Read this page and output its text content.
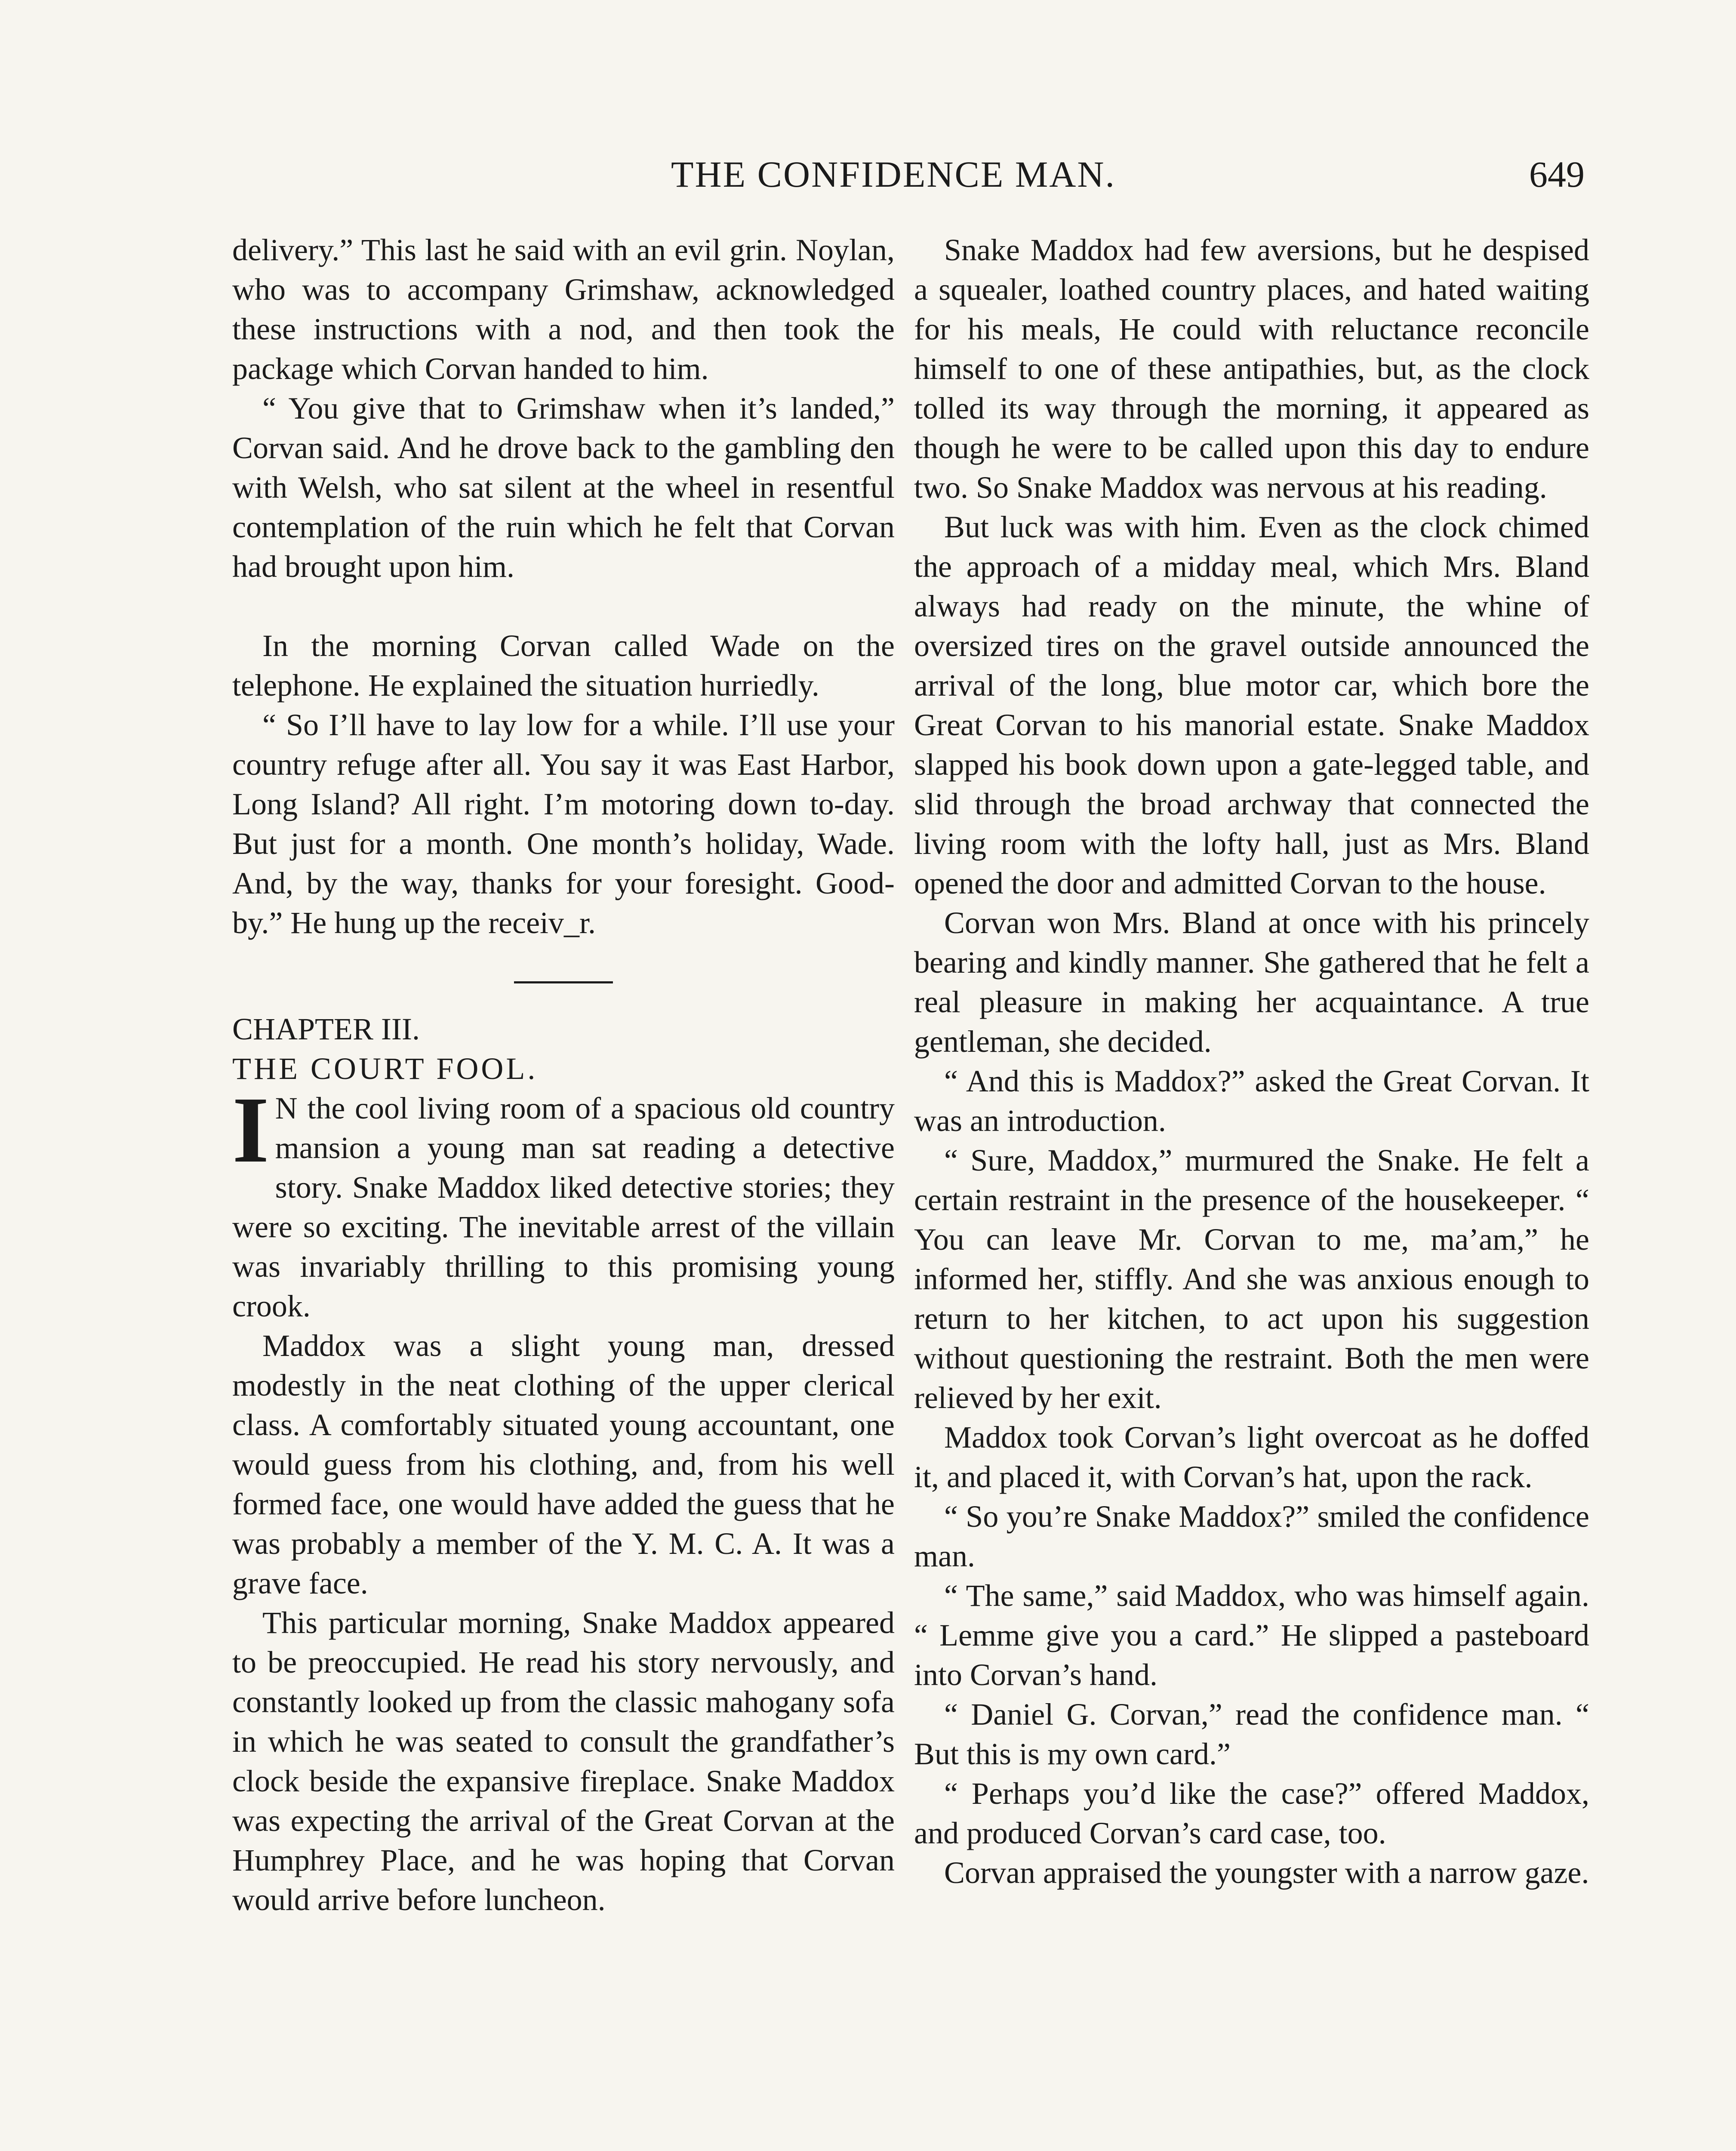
THE CONFIDENCE MAN.	649

delivery.” This last he said with an evil grin. Noylan, who was to accompany Grimshaw, acknowledged these instructions with a nod, and then took the package which Corvan handed to him.

“ You give that to Grimshaw when it’s landed,” Corvan said. And he drove back to the gambling den with Welsh, who sat silent at the wheel in resentful contemplation of the ruin which he felt that Corvan had brought upon him.

In the morning Corvan called Wade on the telephone. He explained the situation hurriedly.

“ So I’ll have to lay low for a while. I’ll use your country refuge after all. You say it was East Harbor, Long Island? All right. I’m motoring down to-day. But just for a month. One month’s holiday, Wade. And, by the way, thanks for your foresight. Good-by.” He hung up the receiv_r.

CHAPTER III.

THE COURT FOOL.

I N the cool living room of a spacious old country mansion a young man sat reading a detective story. Snake Maddox liked detective stories; they were so exciting. The inevitable arrest of the villain was invariably thrilling to this promising young crook.

Maddox was a slight young man, dressed modestly in the neat clothing of the upper clerical class. A comfortably situated young accountant, one would guess from his clothing, and, from his well formed face, one would have added the guess that he was probably a member of the Y. M. C. A. It was a grave face.

This particular morning, Snake Maddox appeared to be preoccupied. He read his story nervously, and constantly looked up from the classic mahogany sofa in which he was seated to consult the grandfather’s clock beside the expansive fireplace. Snake Maddox was expecting the arrival of the Great Corvan at the Humphrey Place, and he was hoping that Corvan would arrive before luncheon.

Snake Maddox had few aversions, but he despised a squealer, loathed country places, and hated waiting for his meals, He could with reluctance reconcile himself to one of these antipathies, but, as the clock tolled its way through the morning, it appeared as though he were to be called upon this day to endure two. So Snake Maddox was nervous at his reading.

But luck was with him. Even as the clock chimed the approach of a midday meal, which Mrs. Bland always had ready on the minute, the whine of oversized tires on the gravel outside announced the arrival of the long, blue motor car, which bore the Great Corvan to his manorial estate. Snake Maddox slapped his book down upon a gate-legged table, and slid through the broad archway that connected the living room with the lofty hall, just as Mrs. Bland opened the door and admitted Corvan to the house.

Corvan won Mrs. Bland at once with his princely bearing and kindly manner. She gathered that he felt a real pleasure in making her acquaintance. A true gentleman, she decided.

“ And this is Maddox?” asked the Great Corvan. It was an introduction.

“ Sure, Maddox,” murmured the Snake. He felt a certain restraint in the presence of the housekeeper. “ You can leave Mr. Corvan to me, ma’am,” he informed her, stiffly. And she was anxious enough to return to her kitchen, to act upon his suggestion without questioning the restraint. Both the men were relieved by her exit.

Maddox took Corvan’s light overcoat as he doffed it, and placed it, with Corvan’s hat, upon the rack.

“ So you’re Snake Maddox?” smiled the confidence man.

“ The same,” said Maddox, who was himself again. “ Lemme give you a card.” He slipped a pasteboard into Corvan’s hand.

“ Daniel G. Corvan,” read the confidence man. “ But this is my own card.”

“ Perhaps you’d like the case?” offered Maddox, and produced Corvan’s card case, too.

Corvan appraised the youngster with a narrow gaze.
